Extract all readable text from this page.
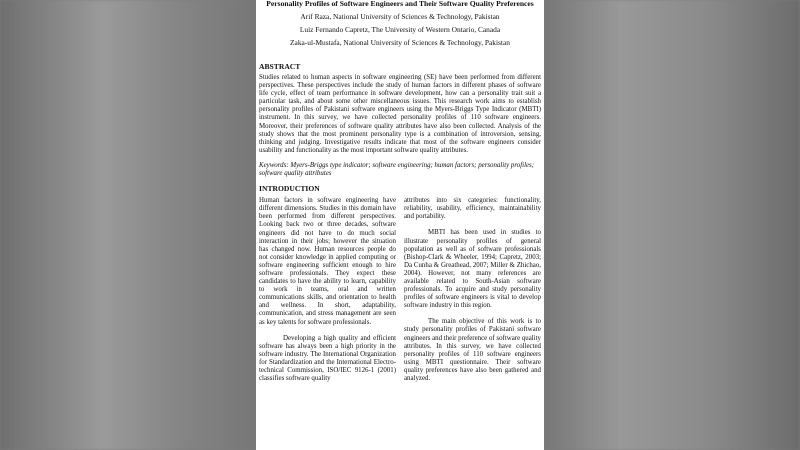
Personality Profiles of Software Engineers and Their Software Quality Preferences
Arif Raza, National University of Sciences & Technology, Pakistan
Luiz Fernando Capretz, The University of Western Ontario, Canada
Zaka-ul-Mustafa, National University of Sciences & Technology, Pakistan
ABSTRACT
Studies related to human aspects in software engineering (SE) have been performed from different perspectives. These perspectives include the study of human factors in different phases of software life cycle, effect of team performance in software development, how can a personality trait suit a particular task, and about some other miscellaneous issues. This research work aims to establish personality profiles of Pakistani software engineers using the Myers-Briggs Type Indicator (MBTI) instrument. In this survey, we have collected personality profiles of 110 software engineers. Moreover, their preferences of software quality attributes have also been collected. Analysis of the study shows that the most prominent personality type is a combination of introversion, sensing, thinking and judging. Investigative results indicate that most of the software engineers consider usability and functionality as the most important software quality attributes.
Keywords: Myers-Briggs type indicator; software engineering; human factors; personality profiles; software quality attributes
INTRODUCTION

Human factors in software engineering have different dimensions. Studies in this domain have been performed from different perspectives. Looking back two or three decades, software engineers did not have to do much social interaction in their jobs; however the situation has changed now. Human resources people do not consider knowledge in applied computing or software engineering sufficient enough to hire software professionals. They expect these candidates to have the ability to learn, capability to work in teams, oral and written communications skills, and orientation to health and wellness. In short, adaptability, communication, and stress management are seen as key talents for software professionals.

Developing a high quality and efficient software has always been a high priority in the software industry. The International Organization for Standardization and the International Electro-technical Commission, ISO/IEC 9126-1 (2001) classifies software quality

attributes into six categories: functionality, reliability, usability, efficiency, maintainability and portability.

MBTI has been used in studies to illustrate personality profiles of general population as well as of software professionals (Bishop-Clark & Wheeler, 1994; Capretz, 2003; Da Cunha & Greathead, 2007; Miller & Zhichao, 2004). However, not many references are available related to South-Asian software professionals. To acquire and study personality profiles of software engineers is vital to develop software industry in this region.

The main objective of this work is to study personality profiles of Pakistani software engineers and their preference of software quality attributes. In this survey, we have collected personality profiles of 110 software engineers using MBTI questionnaire. Their software quality preferences have also been gathered and analyzed.
